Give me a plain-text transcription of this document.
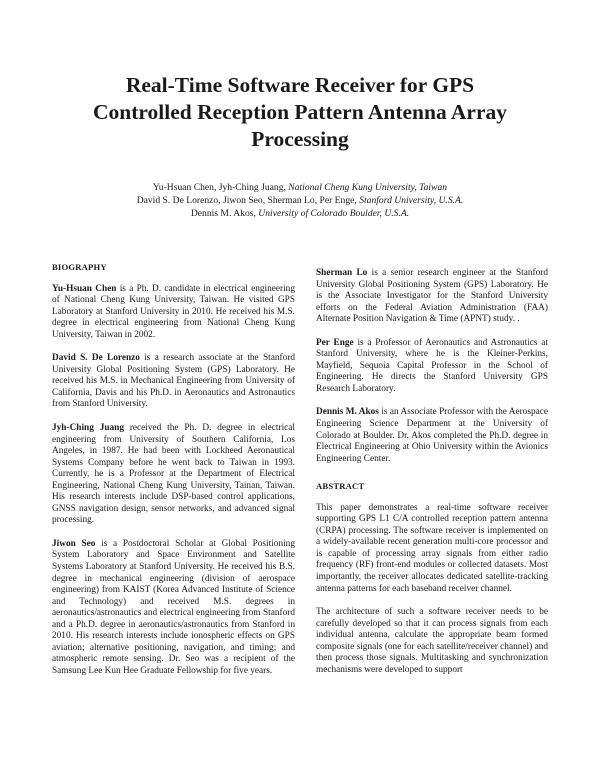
Real-Time Software Receiver for GPS
Controlled Reception Pattern Antenna Array
Processing
Yu-Hsuan Chen, Jyh-Ching Juang, National Cheng Kung University, Taiwan
David S. De Lorenzo, Jiwon Seo, Sherman Lo, Per Enge, Stanford University, U.S.A.
Dennis M. Akos, University of Colorado Boulder, U.S.A.
BIOGRAPHY

Yu-Hsuan Chen is a Ph. D. candidate in electrical engineering of National Cheng Kung University, Taiwan. He visited GPS Laboratory at Stanford University in 2010. He received his M.S. degree in electrical engineering from National Cheng Kung University, Taiwan in 2002.

David S. De Lorenzo is a research associate at the Stanford University Global Positioning System (GPS) Laboratory. He received his M.S. in Mechanical Engineering from University of California, Davis and his Ph.D. in Aeronautics and Astronautics from Stanford University.

Jyh-Ching Juang received the Ph. D. degree in electrical engineering from University of Southern California, Los Angeles, in 1987. He had been with Lockheed Aeronautical Systems Company before he went back to Taiwan in 1993. Currently, he is a Professor at the Department of Electrical Engineering, National Cheng Kung University, Tainan, Taiwan. His research interests include DSP-based control applications, GNSS navigation design, sensor networks, and advanced signal processing.

Jiwon Seo is a Postdoctoral Scholar at Global Positioning System Laboratory and Space Environment and Satellite Systems Laboratory at Stanford University. He received his B.S. degree in mechanical engineering (division of aerospace engineering) from KAIST (Korea Advanced Institute of Science and Technology) and received M.S. degrees in aeronautics/astronautics and electrical engineering from Stanford and a Ph.D. degree in aeronautics/astronautics from Stanford in 2010. His research interests include ionospheric effects on GPS aviation; alternative positioning, navigation, and timing; and atmospheric remote sensing. Dr. Seo was a recipient of the Samsung Lee Kun Hee Graduate Fellowship for five years.

Sherman Lo is a senior research engineer at the Stanford University Global Positioning System (GPS) Laboratory. He is the Associate Investigator for the Stanford University efforts on the Federal Aviation Administration (FAA) Alternate Position Navigation & Time (APNT) study. .

Per Enge is a Professor of Aeronautics and Astronautics at Stanford University, where he is the Kleiner-Perkins, Mayfield, Sequoia Capital Professor in the School of Engineering. He directs the Stanford University GPS Research Laboratory.

Dennis M. Akos is an Associate Professor with the Aerospace Engineering Science Department at the University of Colorado at Boulder. Dr. Akos completed the Ph.D. degree in Electrical Engineering at Ohio University within the Avionics Engineering Center.

ABSTRACT

This paper demonstrates a real-time software receiver supporting GPS L1 C/A controlled reception pattern antenna (CRPA) processing. The software receiver is implemented on a widely-available recent generation multi-core processor and is capable of processing array signals from either radio frequency (RF) front-end modules or collected datasets. Most importantly, the receiver allocates dedicated satellite-tracking antenna patterns for each baseband receiver channel.

The architecture of such a software receiver needs to be carefully developed so that it can process signals from each individual antenna, calculate the appropriate beam formed composite signals (one for each satellite/receiver channel) and then process those signals. Multitasking and synchronization mechanisms were developed to support
